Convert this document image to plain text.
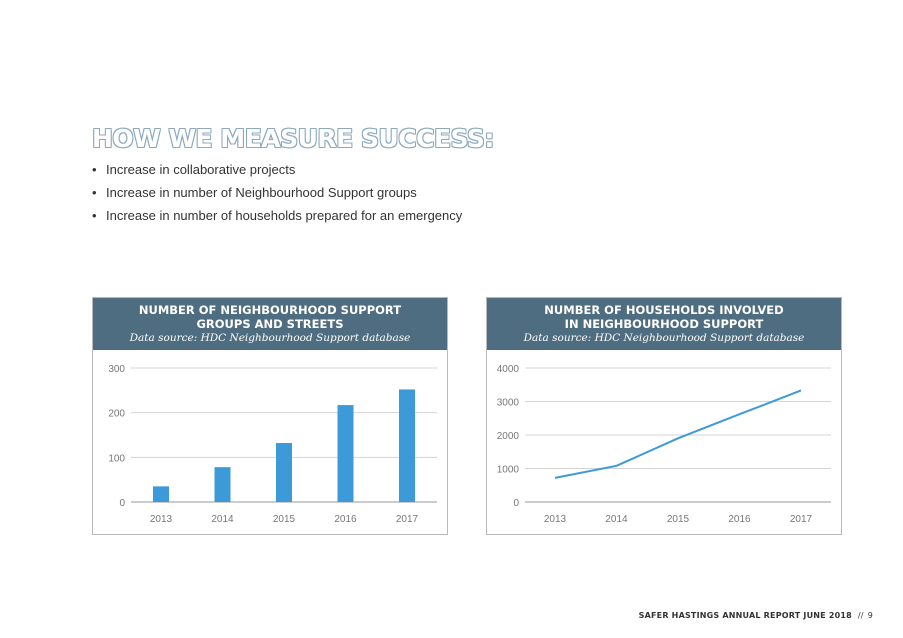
HOW WE MEASURE SUCCESS:
• Increase in collaborative projects
• Increase in number of Neighbourhood Support groups
• Increase in number of households prepared for an emergency
NUMBER OF NEIGHBOURHOOD SUPPORT
GROUPS AND STREETS
Data source: HDC Neighbourhood Support database
0
100
200
300
2013	2014	2015	2016	2017
NUMBER OF HOUSEHOLDS INVOLVED
IN NEIGHBOURHOOD SUPPORT
Data source: HDC Neighbourhood Support database
0
1000
2000
3000
4000
2013	2014	2015	2016	2017
SAFER HASTINGS ANNUAL REPORT JUNE 2018 // 9
